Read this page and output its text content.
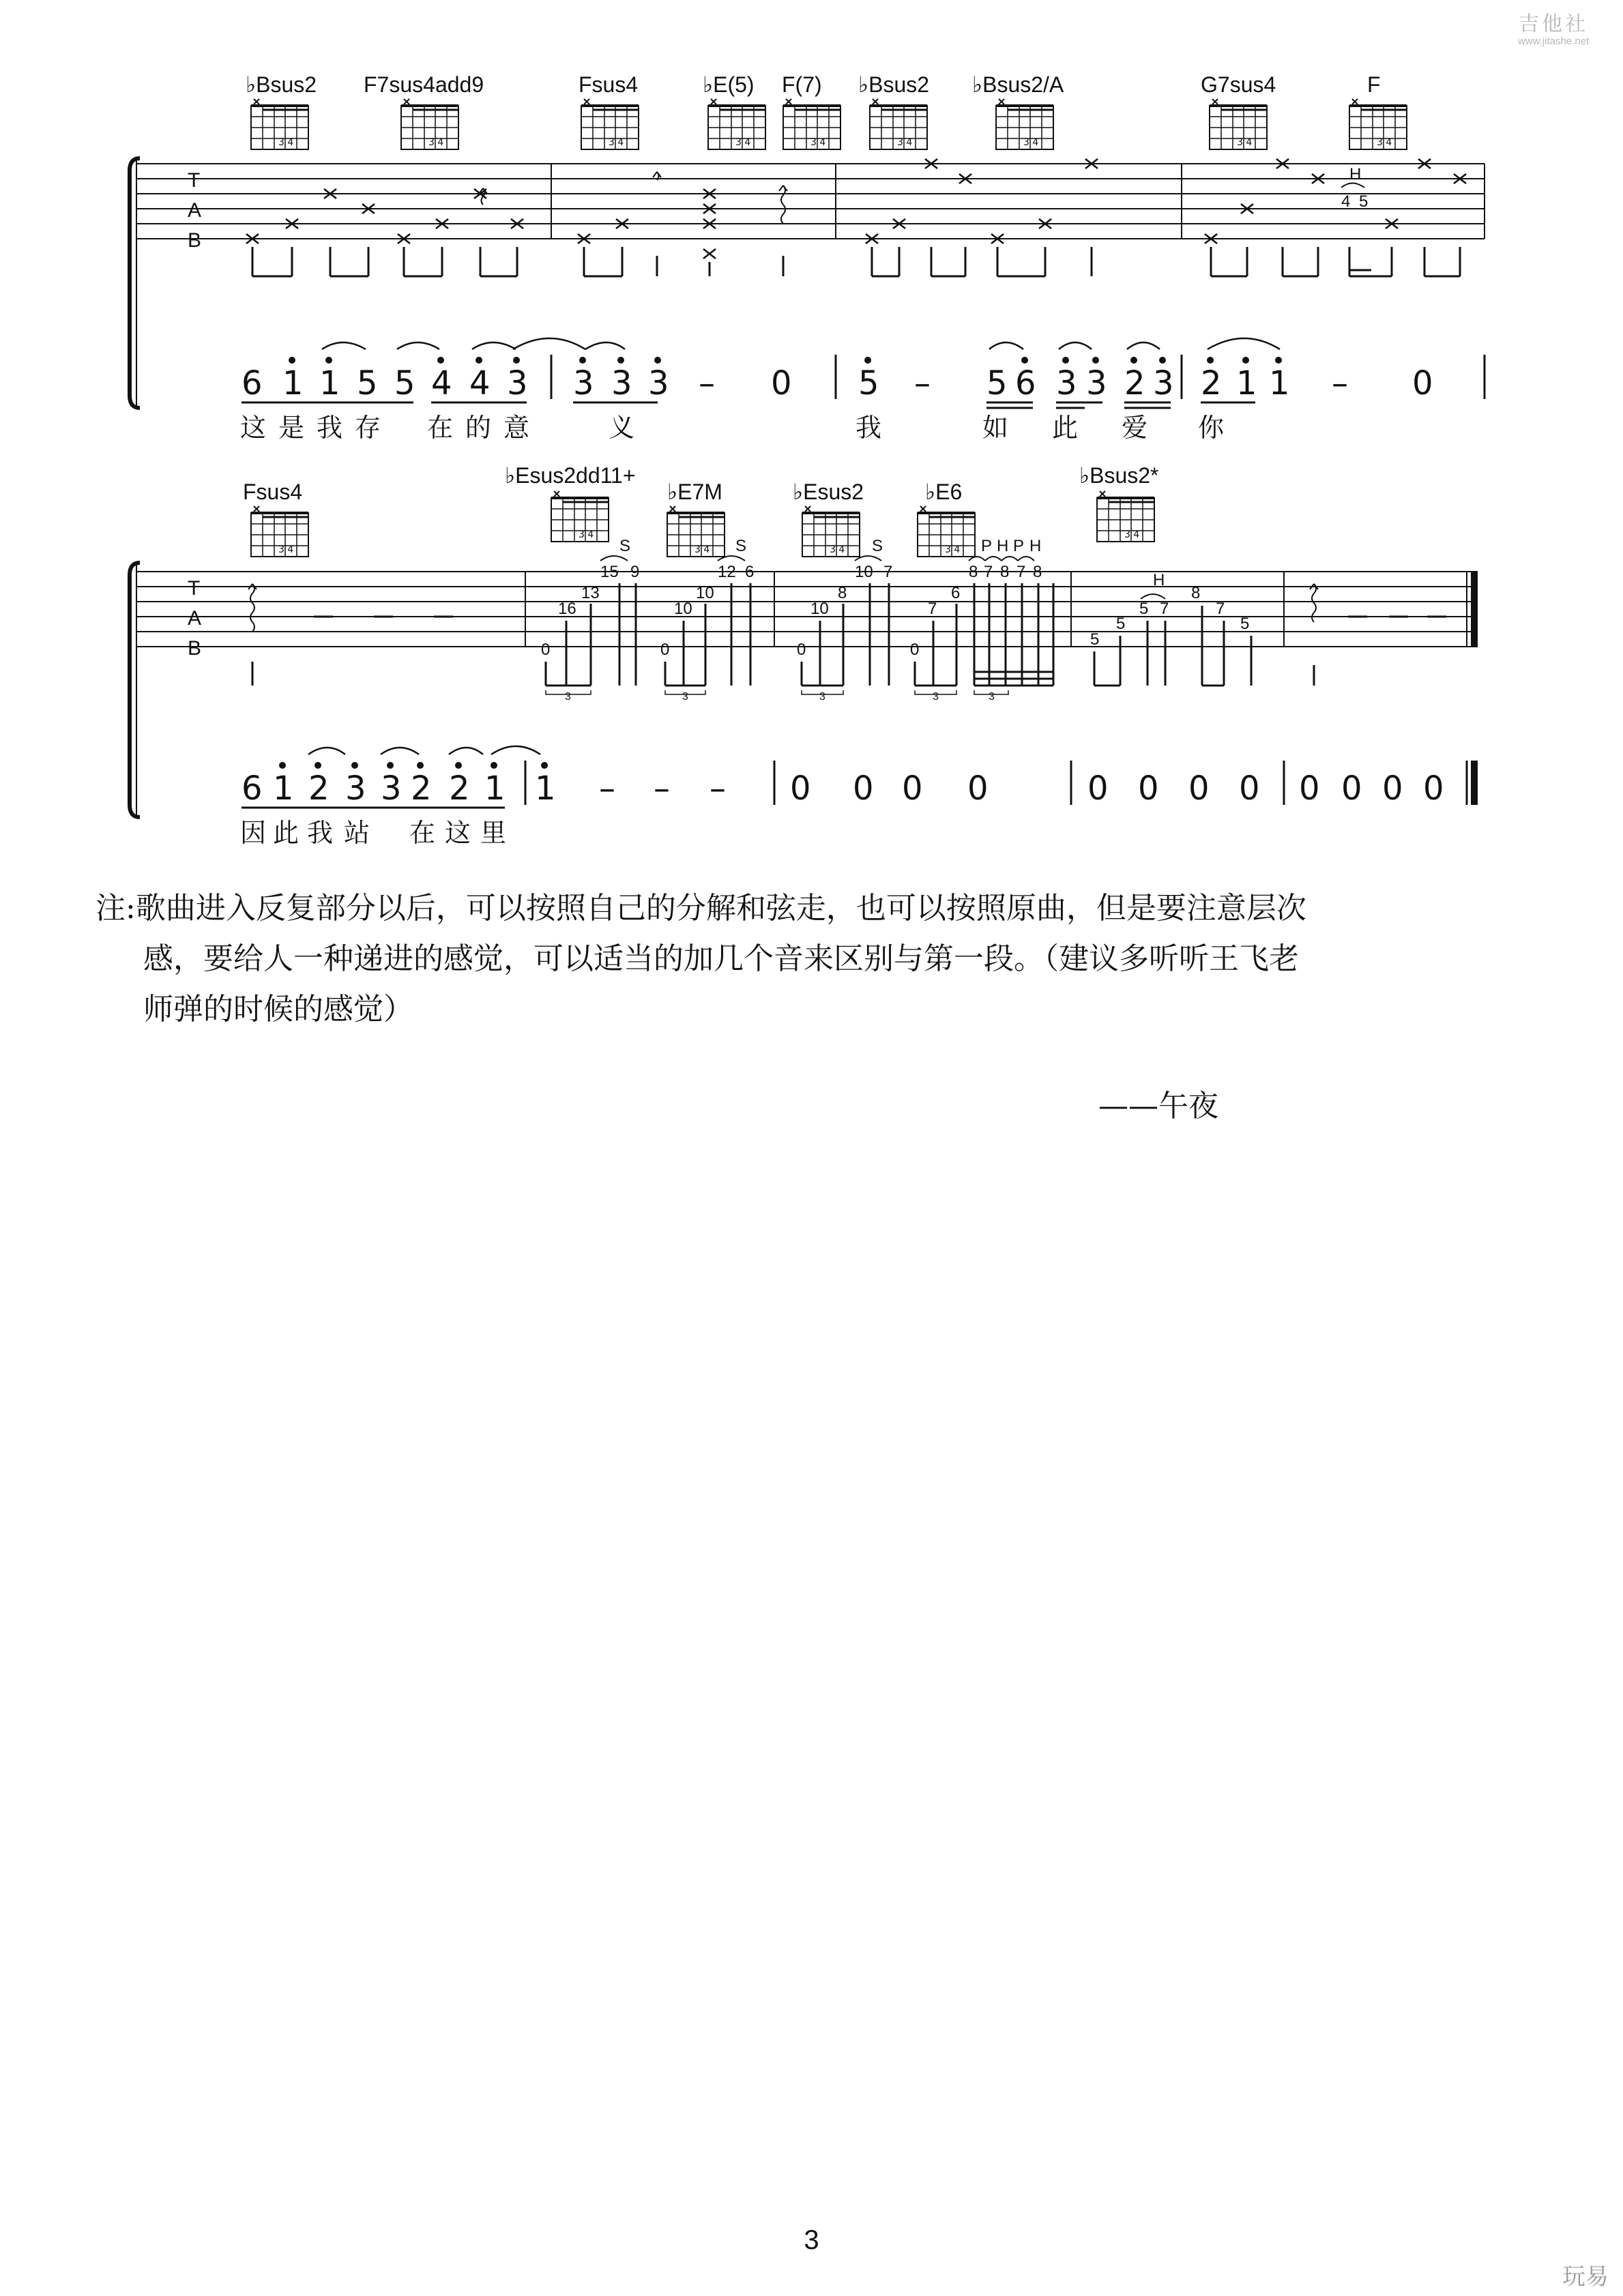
3 4
T
A
B
♭Bsus2 F7sus4add9	Fsus4	♭E(5) F(7) ♭Bsus2 ♭Bsus2/A	G7sus4	F
4 5
H
6 1 1 5 5 4 4 3 3 3 3 – 0 5 – 5 6 3 3 2 3 2 1 1 – 0
这 是 我 存 在 的 意	义	我	如 此 爱 你
T
A
B
Fsus4
♭Esus2dd11+
♭E7M	♭Esus2	♭E6
♭Bsus2*
0
16
13
15 9
S
0
10
10
12 6
S
0
10
8
10 7
S
0
7
6
8 7 8 7 8
P H P H
5
5
5 7
H
8
7
5
3	3	3	3	3
6 1 2 3 3 2 2 1 1 – – – 0 0 0 0	0 0 0 0 0 0 0 0
因 此 我 站 在 这 里
吉他社
www.jitashe.net
注:歌曲进入反复部分以后，可以按照自己的分解和弦走，也可以按照原曲，但是要注意层次
感，要给人一种递进的感觉，可以适当的加几个音来区别与第一段。（建议多听听王飞老
师弹的时候的感觉）
——午夜
3
玩易
